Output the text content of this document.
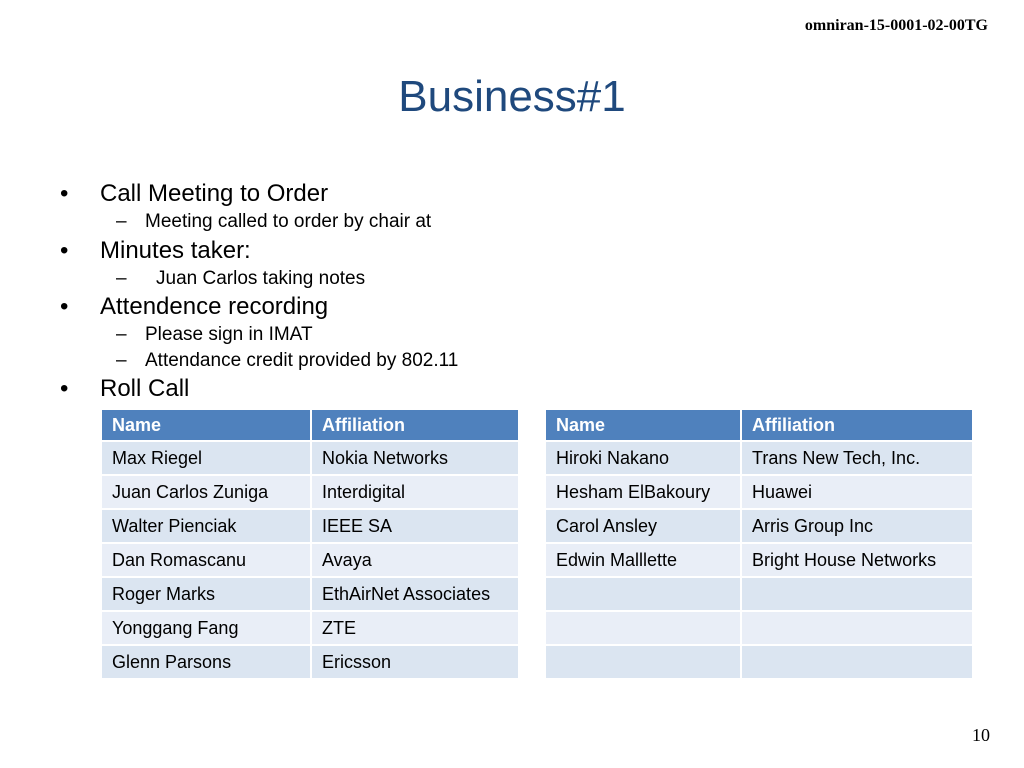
omniran-15-0001-02-00TG
Business#1
• Call Meeting to Order
– Meeting called to order by chair at
• Minutes taker:
– Juan Carlos taking notes
• Attendence recording
– Please sign in IMAT
– Attendance credit provided by 802.11
• Roll Call
Name	Affiliation
Max Riegel	Nokia Networks
Juan Carlos Zuniga	Interdigital
Walter Pienciak	IEEE SA
Dan Romascanu	Avaya
Roger Marks	EthAirNet Associates
Yonggang Fang	ZTE
Glenn Parsons	Ericsson
Name	Affiliation
Hiroki Nakano	Trans New Tech, Inc.
Hesham ElBakoury	Huawei
Carol Ansley	Arris Group Inc
Edwin Malllette	Bright House Networks

10
